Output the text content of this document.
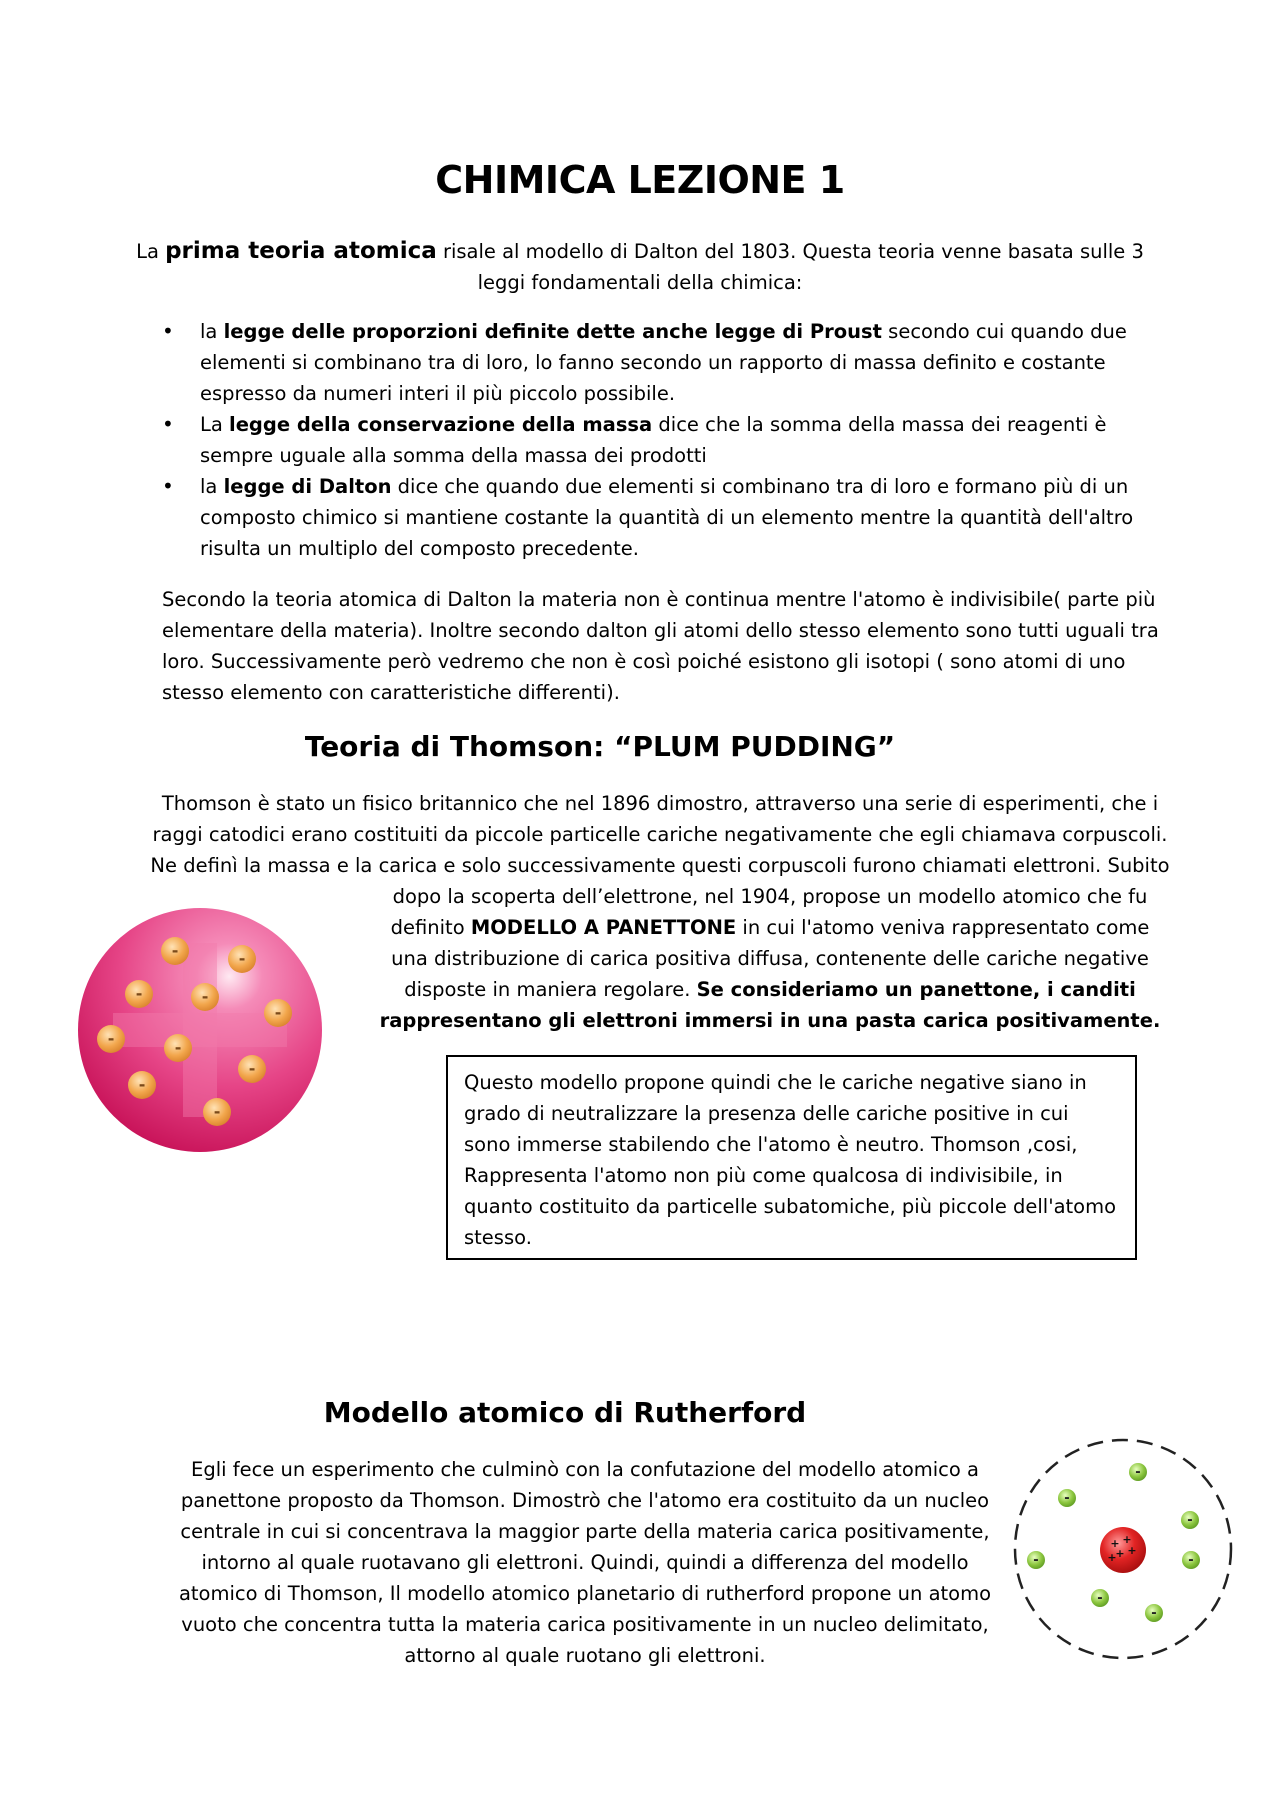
CHIMICA LEZIONE 1

La prima teoria atomica risale al modello di Dalton del 1803. Questa teoria venne basata sulle 3 leggi fondamentali della chimica:

• la legge delle proporzioni definite dette anche legge di Proust secondo cui quando due elementi si combinano tra di loro, lo fanno secondo un rapporto di massa definito e costante espresso da numeri interi il più piccolo possibile.
• La legge della conservazione della massa dice che la somma della massa dei reagenti è sempre uguale alla somma della massa dei prodotti
• la legge di Dalton dice che quando due elementi si combinano tra di loro e formano più di un composto chimico si mantiene costante la quantità di un elemento mentre la quantità dell'altro risulta un multiplo del composto precedente.

Secondo la teoria atomica di Dalton la materia non è continua mentre l'atomo è indivisibile( parte più elementare della materia). Inoltre secondo dalton gli atomi dello stesso elemento sono tutti uguali tra loro. Successivamente però vedremo che non è così poiché esistono gli isotopi ( sono atomi di uno stesso elemento con caratteristiche differenti).

Teoria di Thomson: “PLUM PUDDING”

Thomson è stato un fisico britannico che nel 1896 dimostro, attraverso una serie di esperimenti, che i raggi catodici erano costituiti da piccole particelle cariche negativamente che egli chiamava corpuscoli. Ne definì la massa e la carica e solo successivamente questi corpuscoli furono chiamati elettroni. Subito

dopo la scoperta dell’elettrone, nel 1904, propose un modello atomico che fu definito MODELLO A PANETTONE in cui l'atomo veniva rappresentato come una distribuzione di carica positiva diffusa, contenente delle cariche negative disposte in maniera regolare. Se consideriamo un panettone, i canditi rappresentano gli elettroni immersi in una pasta carica positivamente.

Questo modello propone quindi che le cariche negative siano in grado di neutralizzare la presenza delle cariche positive in cui sono immerse stabilendo che l'atomo è neutro. Thomson ,cosi, Rappresenta l'atomo non più come qualcosa di indivisibile, in quanto costituito da particelle subatomiche, più piccole dell'atomo stesso.
-	-
-	-
-
-	-
-
-
-
Modello atomico di Rutherford

Egli fece un esperimento che culminò con la confutazione del modello atomico a panettone proposto da Thomson. Dimostrò che l'atomo era costituito da un nucleo centrale in cui si concentrava la maggior parte della materia carica positivamente, intorno al quale ruotavano gli elettroni. Quindi, quindi a differenza del modello atomico di Thomson, Il modello atomico planetario di rutherford propone un atomo vuoto che concentra tutta la materia carica positivamente in un nucleo delimitato, attorno al quale ruotano gli elettroni.

+ +
+ +
+
-
-
-
-	-
-
-
